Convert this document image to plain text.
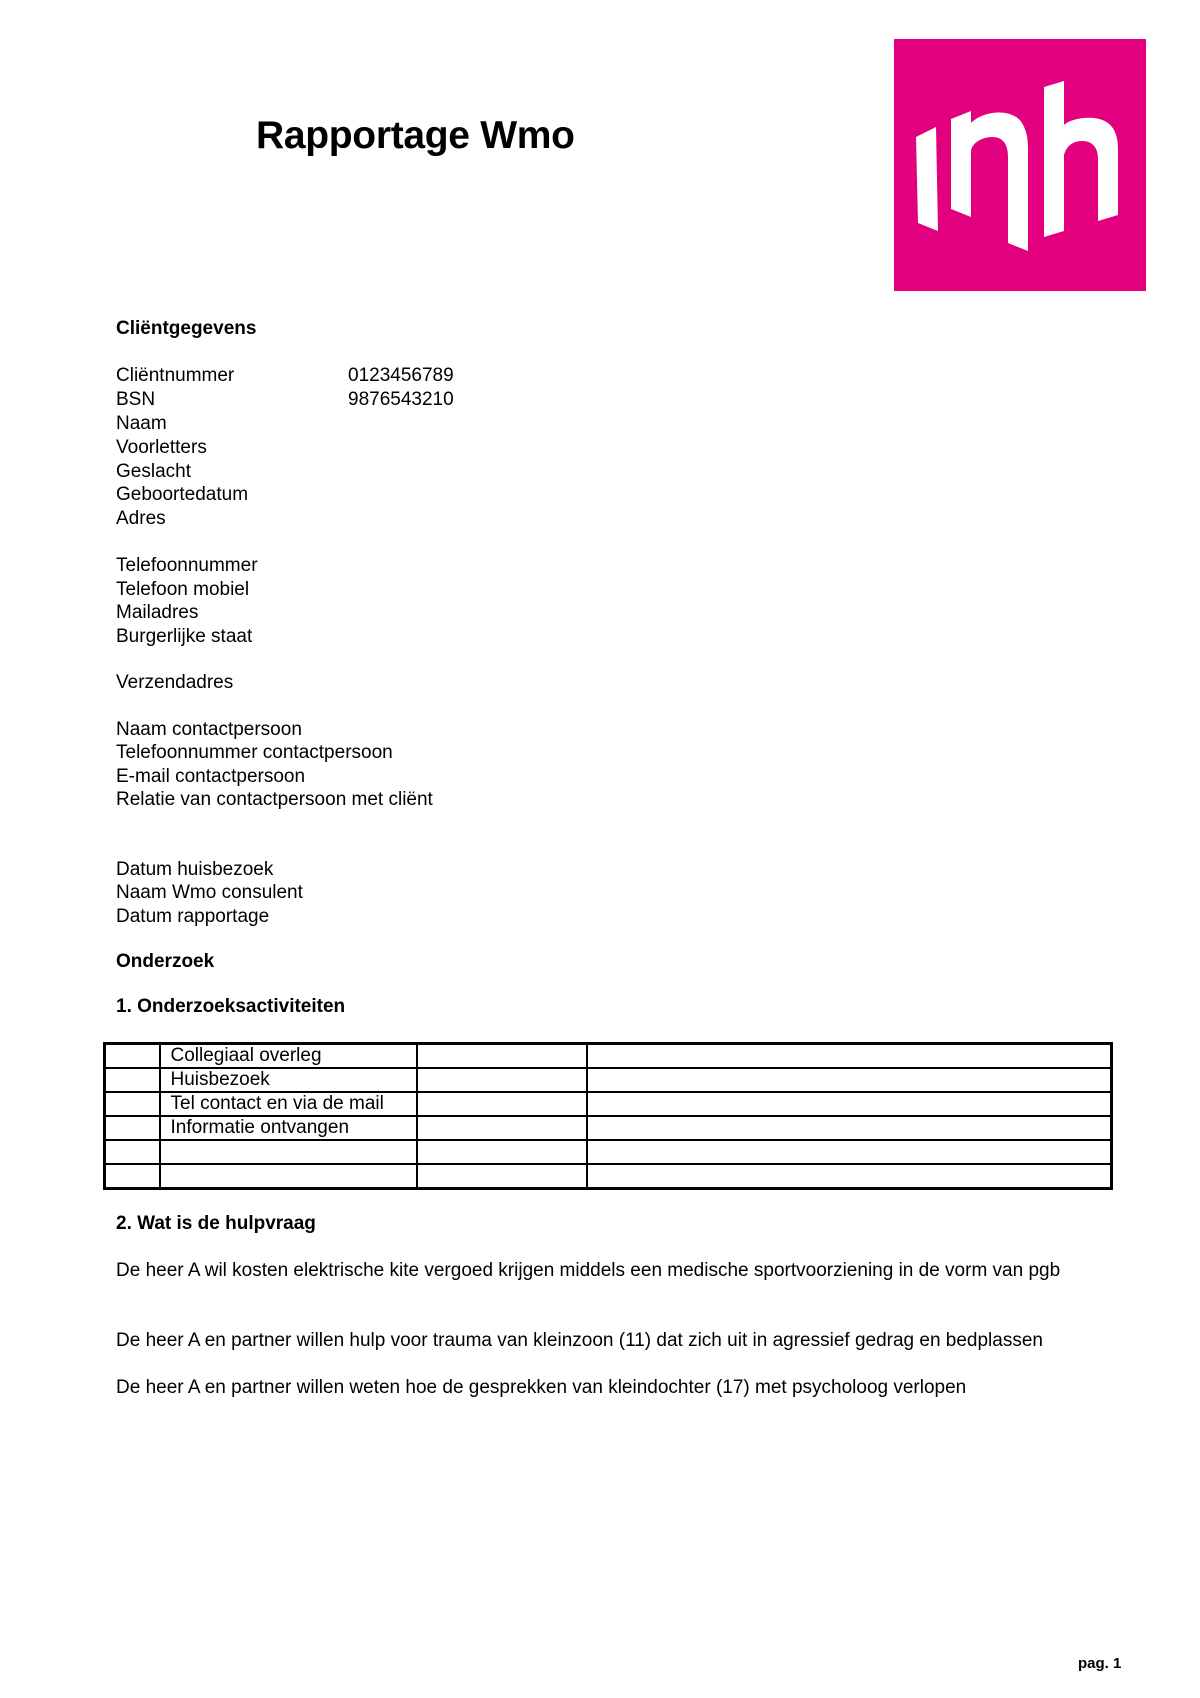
Rapportage Wmo
Cliëntgegevens
Cliëntnummer	0123456789
BSN	9876543210
Naam
Voorletters
Geslacht
Geboortedatum
Adres
Telefoonnummer
Telefoon mobiel
Mailadres
Burgerlijke staat
Verzendadres
Naam contactpersoon
Telefoonnummer contactpersoon
E-mail contactpersoon
Relatie van contactpersoon met cliënt
Datum huisbezoek
Naam Wmo consulent
Datum rapportage
Onderzoek
1. Onderzoeksactiviteiten
	Collegiaal overleg		
	Huisbezoek		
	Tel contact en via de mail		
	Informatie ontvangen		

2. Wat is de hulpvraag
De heer A wil kosten elektrische kite vergoed krijgen middels een medische sportvoorziening in de vorm van pgb
De heer A en partner willen hulp voor trauma van kleinzoon (11) dat zich uit in agressief gedrag en bedplassen
De heer A en partner willen weten hoe de gesprekken van kleindochter (17) met psycholoog verlopen
pag. 1
